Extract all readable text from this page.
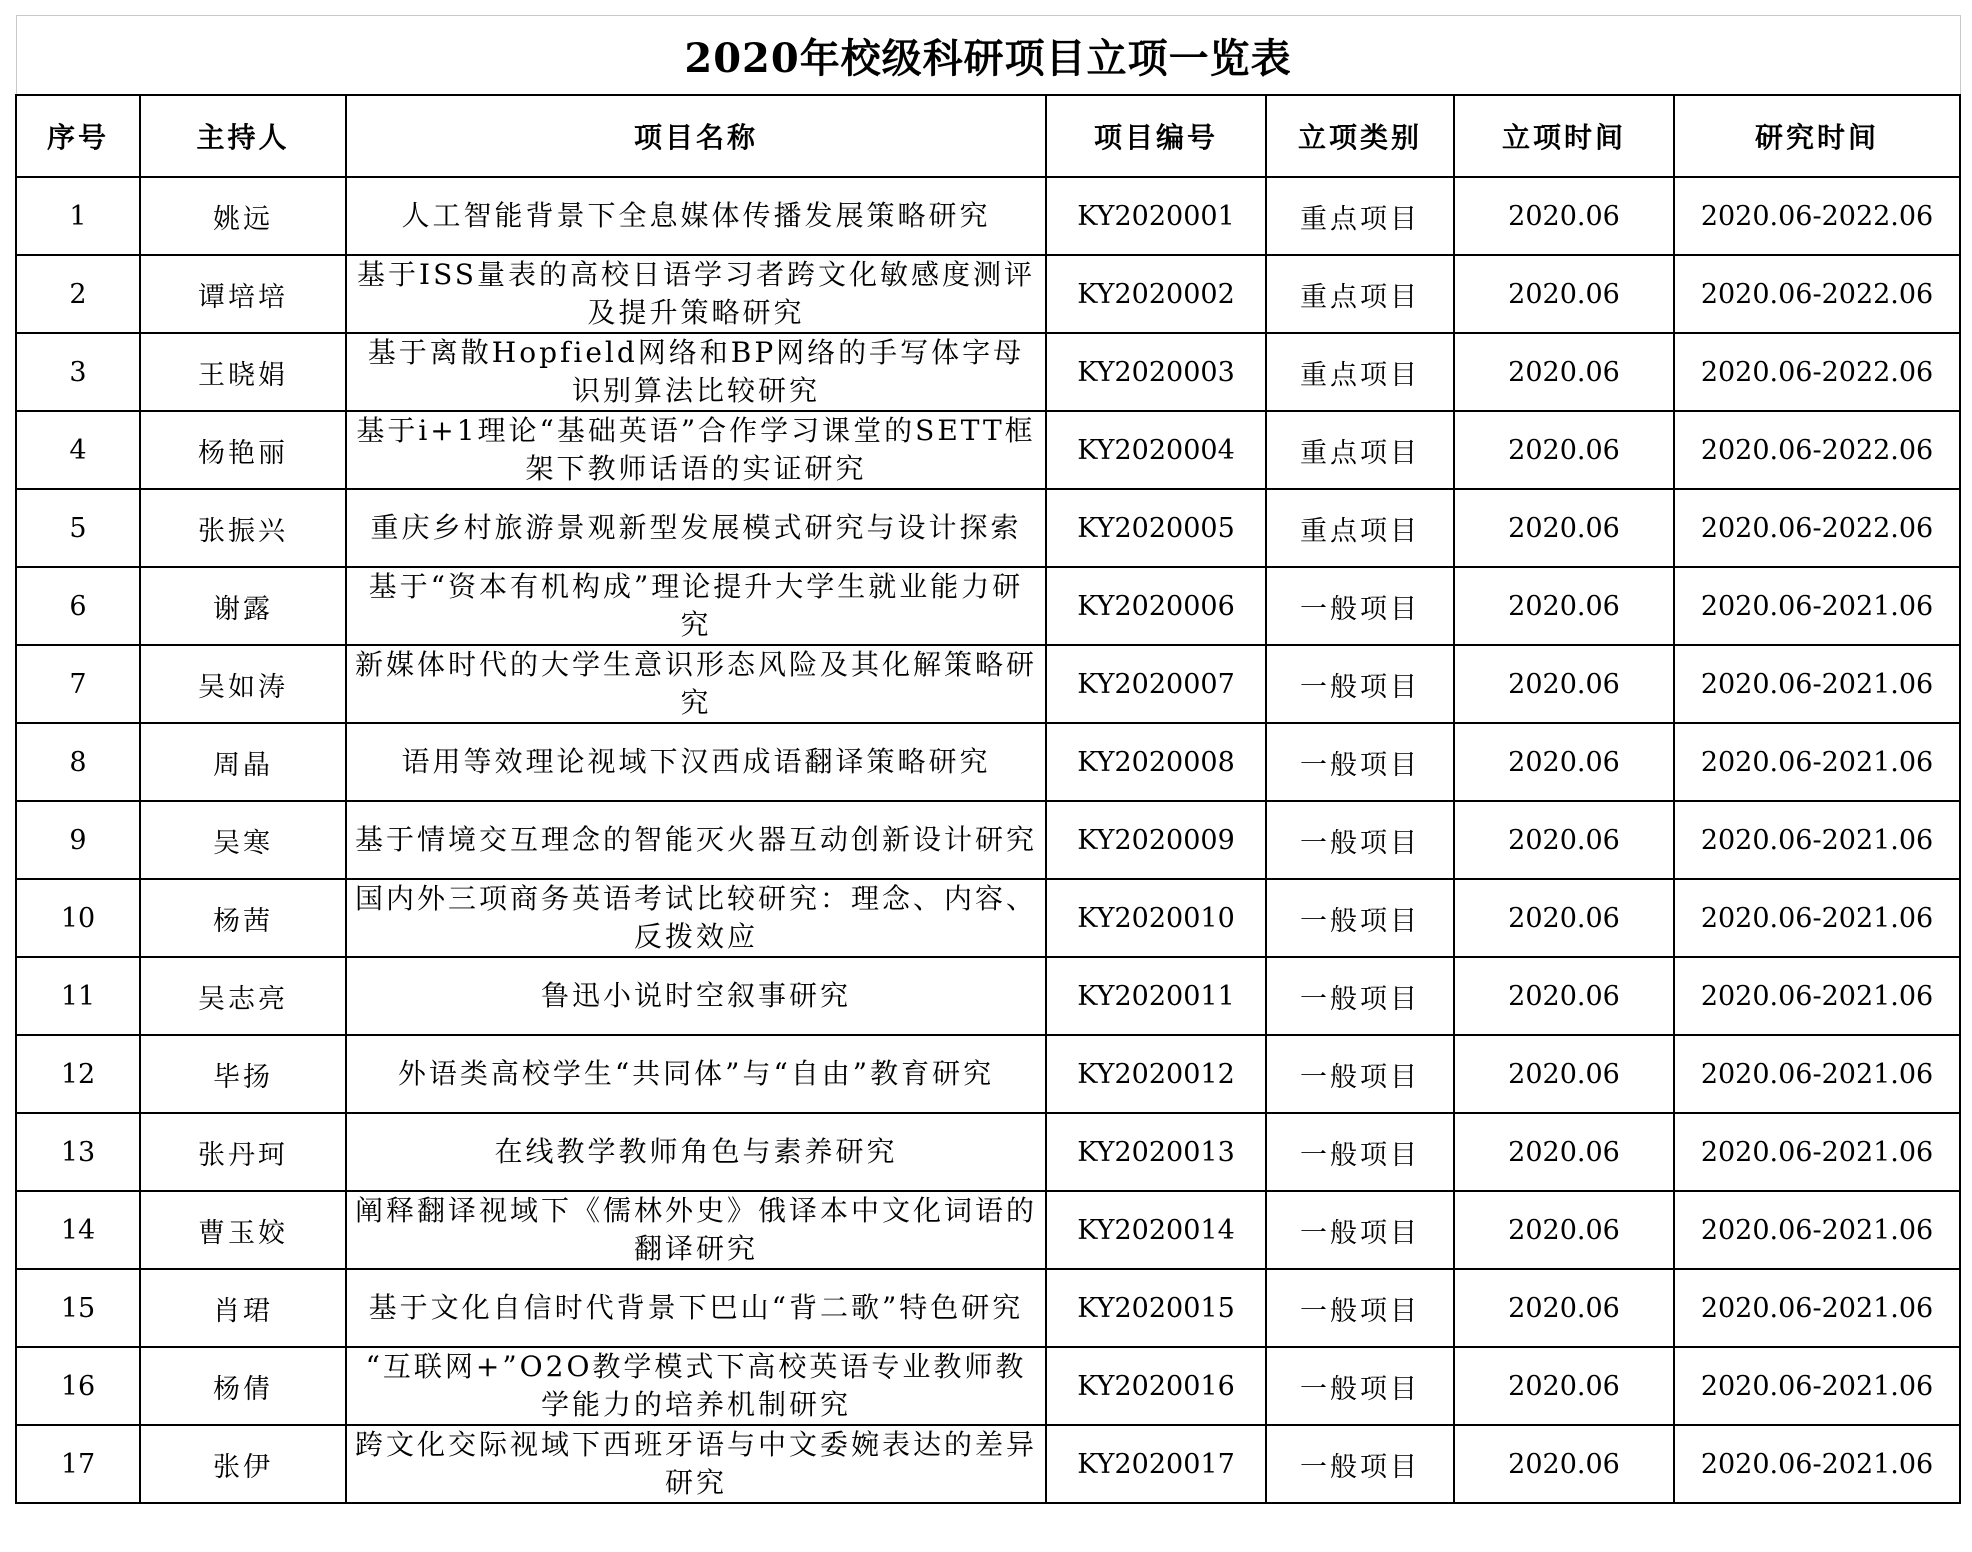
2020年校级科研项目立项一览表						
序号	主持人	项目名称	项目编号	立项类别	立项时间	研究时间
1	姚远	人工智能背景下全息媒体传播发展策略研究	KY2020001	重点项目	2020.06	2020.06-2022.06
2	谭培培	基于ISS量表的高校日语学习者跨文化敏感度测评及提升策略研究	KY2020002	重点项目	2020.06	2020.06-2022.06
3	王晓娟	基于离散Hopfield网络和BP网络的手写体字母识别算法比较研究	KY2020003	重点项目	2020.06	2020.06-2022.06
4	杨艳丽	基于i+1理论“基础英语”合作学习课堂的SETT框架下教师话语的实证研究	KY2020004	重点项目	2020.06	2020.06-2022.06
5	张振兴	重庆乡村旅游景观新型发展模式研究与设计探索	KY2020005	重点项目	2020.06	2020.06-2022.06
6	谢露	基于“资本有机构成”理论提升大学生就业能力研究	KY2020006	一般项目	2020.06	2020.06-2021.06
7	吴如涛	新媒体时代的大学生意识形态风险及其化解策略研究	KY2020007	一般项目	2020.06	2020.06-2021.06
8	周晶	语用等效理论视域下汉西成语翻译策略研究	KY2020008	一般项目	2020.06	2020.06-2021.06
9	吴寒	基于情境交互理念的智能灭火器互动创新设计研究	KY2020009	一般项目	2020.06	2020.06-2021.06
10	杨茜	国内外三项商务英语考试比较研究：理念、内容、反拨效应	KY2020010	一般项目	2020.06	2020.06-2021.06
11	吴志亮	鲁迅小说时空叙事研究	KY2020011	一般项目	2020.06	2020.06-2021.06
12	毕扬	外语类高校学生“共同体”与“自由”教育研究	KY2020012	一般项目	2020.06	2020.06-2021.06
13	张丹珂	在线教学教师角色与素养研究	KY2020013	一般项目	2020.06	2020.06-2021.06
14	曹玉姣	阐释翻译视域下《儒林外史》俄译本中文化词语的翻译研究	KY2020014	一般项目	2020.06	2020.06-2021.06
15	肖珺	基于文化自信时代背景下巴山“背二歌”特色研究	KY2020015	一般项目	2020.06	2020.06-2021.06
16	杨倩	“互联网+”O2O教学模式下高校英语专业教师教学能力的培养机制研究	KY2020016	一般项目	2020.06	2020.06-2021.06
17	张伊	跨文化交际视域下西班牙语与中文委婉表达的差异研究	KY2020017	一般项目	2020.06	2020.06-2021.06
